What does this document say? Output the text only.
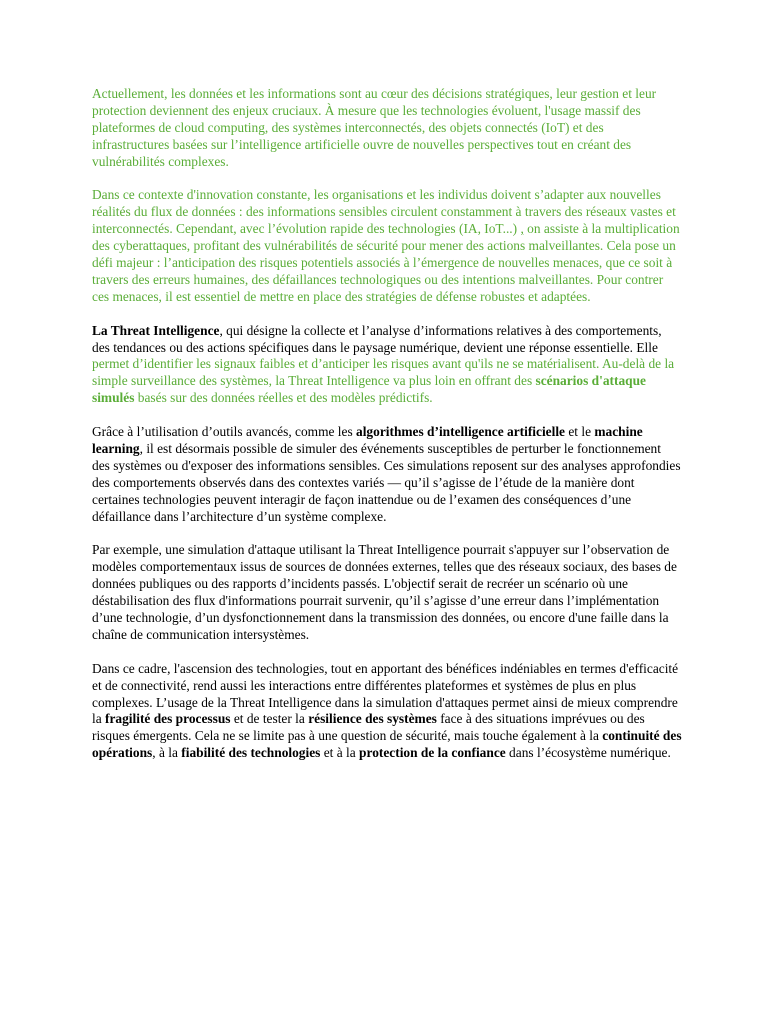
Actuellement, les données et les informations sont au cœur des décisions stratégiques, leur gestion et leur protection deviennent des enjeux cruciaux. À mesure que les technologies évoluent, l'usage massif des plateformes de cloud computing, des systèmes interconnectés, des objets connectés (IoT) et des infrastructures basées sur l’intelligence artificielle ouvre de nouvelles perspectives tout en créant des vulnérabilités complexes.

Dans ce contexte d'innovation constante, les organisations et les individus doivent s’adapter aux nouvelles réalités du flux de données : des informations sensibles circulent constamment à travers des réseaux vastes et interconnectés. Cependant, avec l’évolution rapide des technologies (IA, IoT...) , on assiste à la multiplication des cyberattaques, profitant des vulnérabilités de sécurité pour mener des actions malveillantes. Cela pose un défi majeur : l’anticipation des risques potentiels associés à l’émergence de nouvelles menaces, que ce soit à travers des erreurs humaines, des défaillances technologiques ou des intentions malveillantes. Pour contrer ces menaces, il est essentiel de mettre en place des stratégies de défense robustes et adaptées.

La Threat Intelligence, qui désigne la collecte et l’analyse d’informations relatives à des comportements, des tendances ou des actions spécifiques dans le paysage numérique, devient une réponse essentielle. Elle permet d’identifier les signaux faibles et d’anticiper les risques avant qu'ils ne se matérialisent. Au-delà de la simple surveillance des systèmes, la Threat Intelligence va plus loin en offrant des scénarios d'attaque simulés basés sur des données réelles et des modèles prédictifs.

Grâce à l’utilisation d’outils avancés, comme les algorithmes d’intelligence artificielle et le machine learning, il est désormais possible de simuler des événements susceptibles de perturber le fonctionnement des systèmes ou d'exposer des informations sensibles. Ces simulations reposent sur des analyses approfondies des comportements observés dans des contextes variés — qu’il s’agisse de l’étude de la manière dont certaines technologies peuvent interagir de façon inattendue ou de l’examen des conséquences d’une défaillance dans l’architecture d’un système complexe.

Par exemple, une simulation d'attaque utilisant la Threat Intelligence pourrait s'appuyer sur l’observation de modèles comportementaux issus de sources de données externes, telles que des réseaux sociaux, des bases de données publiques ou des rapports d’incidents passés. L'objectif serait de recréer un scénario où une déstabilisation des flux d'informations pourrait survenir, qu’il s’agisse d’une erreur dans l’implémentation d’une technologie, d’un dysfonctionnement dans la transmission des données, ou encore d'une faille dans la chaîne de communication intersystèmes.

Dans ce cadre, l'ascension des technologies, tout en apportant des bénéfices indéniables en termes d'efficacité et de connectivité, rend aussi les interactions entre différentes plateformes et systèmes de plus en plus complexes. L’usage de la Threat Intelligence dans la simulation d'attaques permet ainsi de mieux comprendre la fragilité des processus et de tester la résilience des systèmes face à des situations imprévues ou des risques émergents. Cela ne se limite pas à une question de sécurité, mais touche également à la continuité des opérations, à la fiabilité des technologies et à la protection de la confiance dans l’écosystème numérique.
